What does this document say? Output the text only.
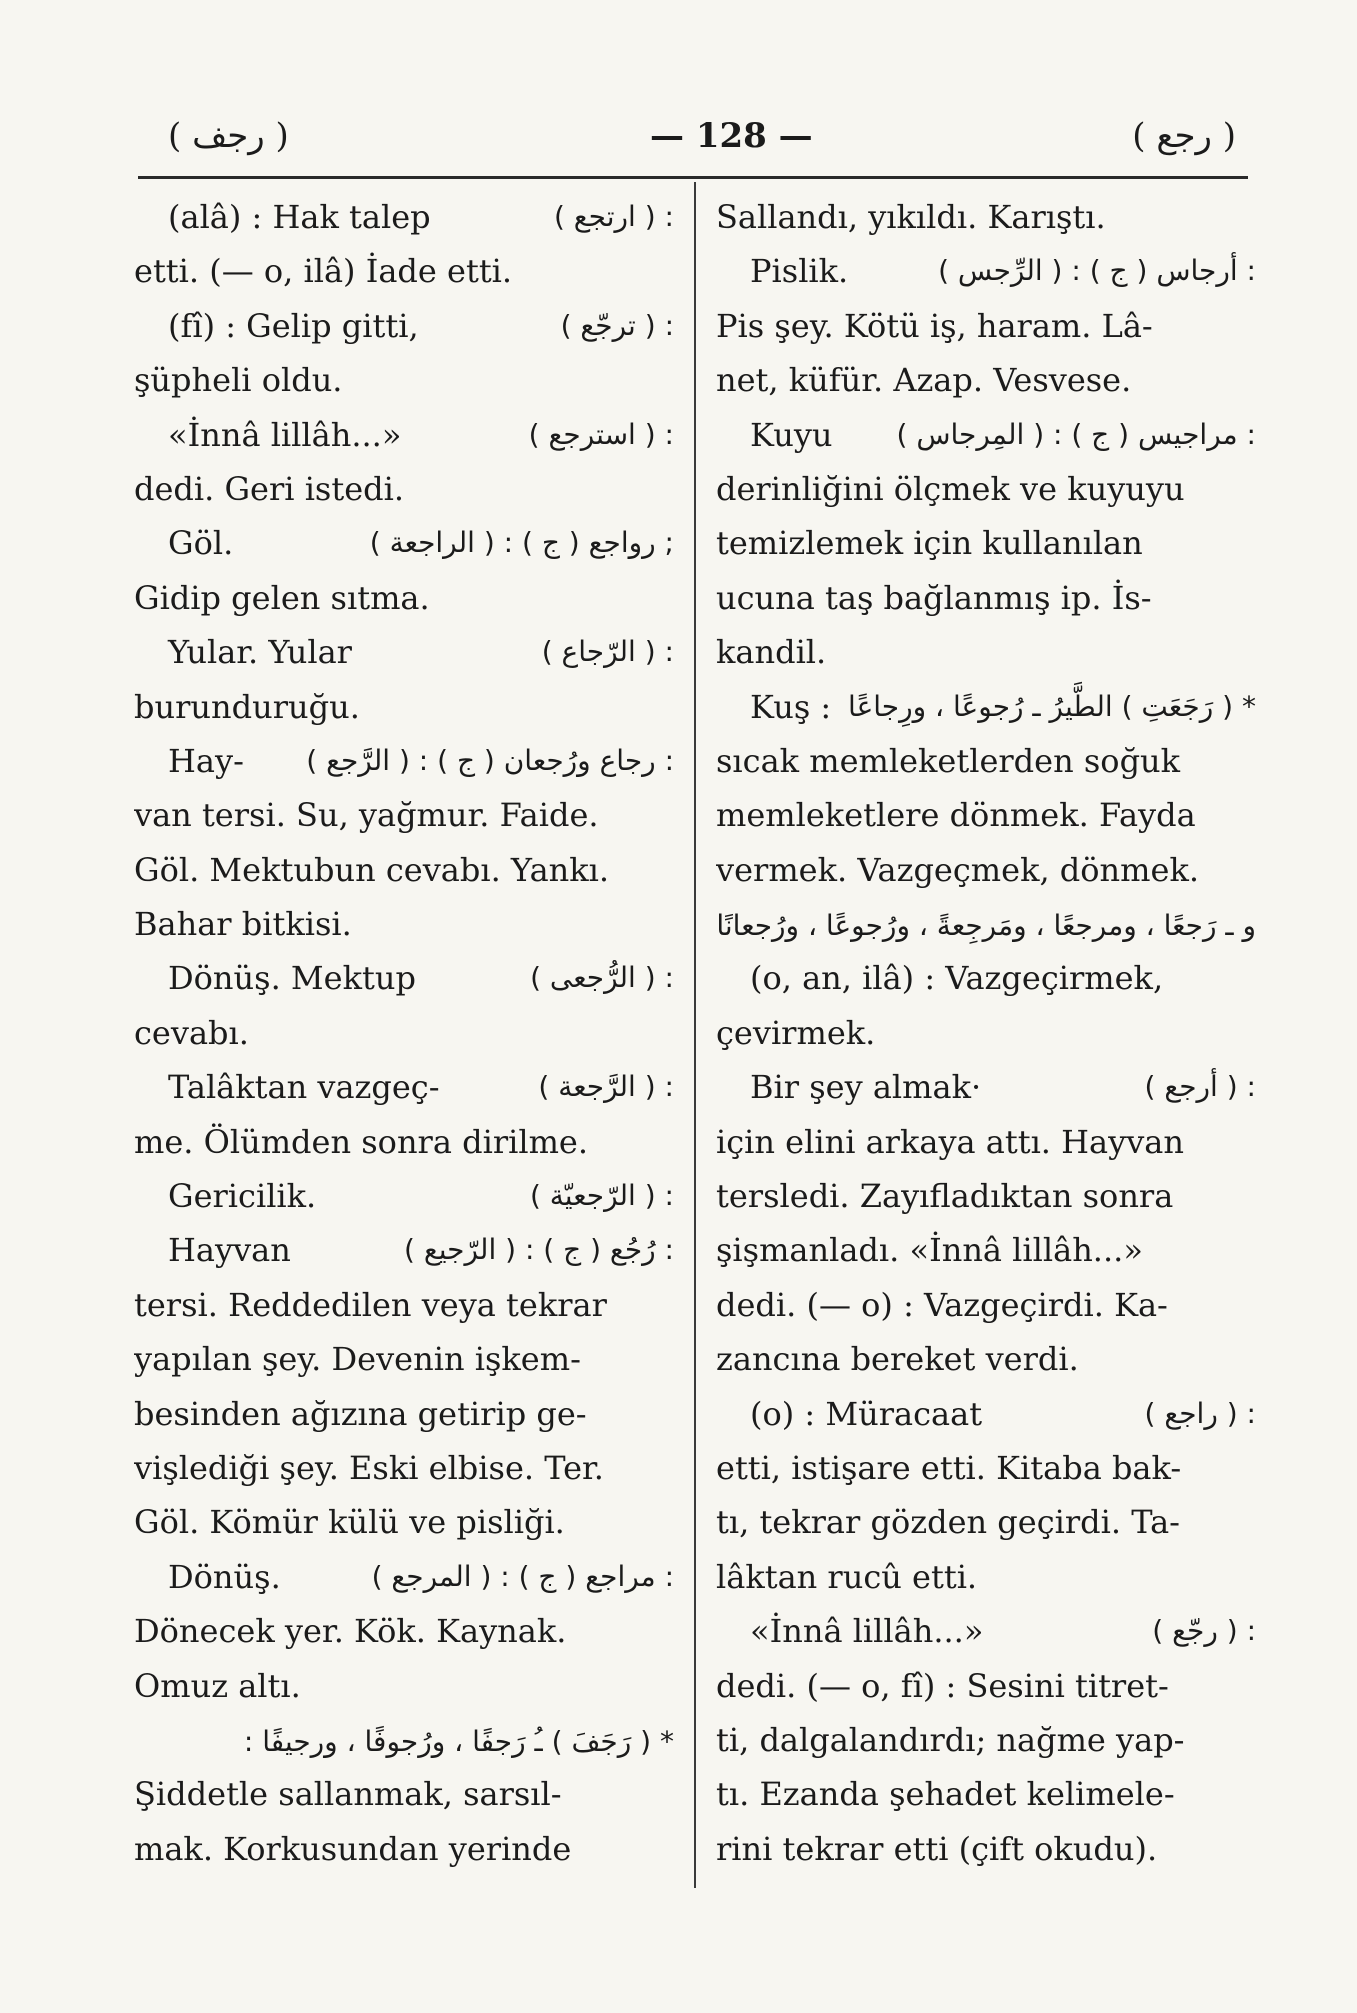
( رجف )	— 128 —	( رجع )
(alâ) : Hak talep	: ( ارتجع )
etti. (— o, ilâ) İade etti.
(fî) : Gelip gitti,	: ( ترجّع )
şüpheli oldu.
«İnnâ lillâh...»	: ( استرجع )
dedi. Geri istedi.
Göl.	; رواجع ( ج ) : ( الراجعة )
Gidip gelen sıtma.
Yular. Yular	: ( الرّجاع )
burunduruğu.
Hay- : رجاع ورُجعان ( ج ) : ( الرَّجع )
van tersi. Su, yağmur. Faide.
Göl. Mektubun cevabı. Yankı.
Bahar bitkisi.
Dönüş. Mektup	: ( الرُّجعى )
cevabı.
Talâktan vazgeç-	: ( الرَّجعة )
me. Ölümden sonra dirilme.
Gericilik.	: ( الرّجعيّة )
Hayvan	: رُجُع ( ج ) : ( الرّجيع )
tersi. Reddedilen veya tekrar
yapılan şey. Devenin işkem-
besinden ağızına getirip ge-
vişlediği şey. Eski elbise. Ter.
Göl. Kömür külü ve pisliği.
Dönüş.	: مراجع ( ج ) : ( المرجع )
Dönecek yer. Kök. Kaynak.
Omuz altı.
* ( رَجَفَ ) ـُ رَجفًا ، ورُجوفًا ، ورجيفًا :
Şiddetle sallanmak, sarsıl-
mak. Korkusundan yerinde
Sallandı, yıkıldı. Karıştı.
Pislik.	: أرجاس ( ج ) : ( الرِّجس )
Pis şey. Kötü iş, haram. Lâ-
net, küfür. Azap. Vesvese.
Kuyu : مراجيس ( ج ) : ( المِرجاس )
derinliğini ölçmek ve kuyuyu
temizlemek için kullanılan
ucuna taş bağlanmış ip. İs-
kandil.
Kuş : * ( رَجَعَتِ ) الطَّيرُ ـ رُجوعًا ، ورِجاعًا
sıcak memleketlerden soğuk
memleketlere dönmek. Fayda
vermek. Vazgeçmek, dönmek.
و ـ رَجعًا ، ومرجعًا ، ومَرجِعةً ، ورُجوعًا ، ورُجعانًا
(o, an, ilâ) : Vazgeçirmek,
çevirmek.
Bir şey almak·	: ( أرجع )
için elini arkaya attı. Hayvan
tersledi. Zayıfladıktan sonra
şişmanladı. «İnnâ lillâh...»
dedi. (— o) : Vazgeçirdi. Ka-
zancına bereket verdi.
(o) : Müracaat	: ( راجع )
etti, istişare etti. Kitaba bak-
tı, tekrar gözden geçirdi. Ta-
lâktan rucû etti.
«İnnâ lillâh...»	: ( رجّع )
dedi. (— o, fî) : Sesini titret-
ti, dalgalandırdı; nağme yap-
tı. Ezanda şehadet kelimele-
rini tekrar etti (çift okudu).
